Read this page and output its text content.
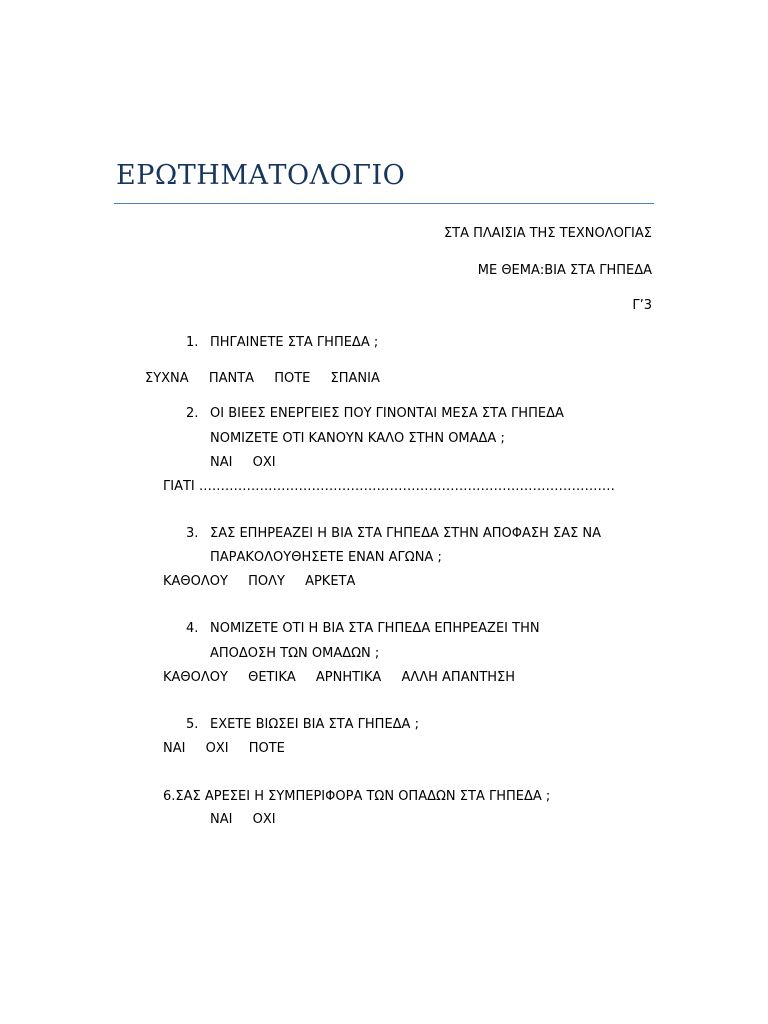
ΕΡΩΤΗΜΑΤΟΛΟΓΙΟ
ΣΤΑ ΠΛΑΙΣΙΑ ΤΗΣ ΤΕΧΝΟΛΟΓΙΑΣ
ΜΕ ΘΕΜΑ:ΒΙΑ ΣΤΑ ΓΗΠΕΔΑ
Γ’3
1. ΠΗΓΑΙΝΕΤΕ ΣΤΑ ΓΗΠΕΔΑ ;
ΣΥΧΝΑ ΠΑΝΤΑ ΠΟΤΕ ΣΠΑΝΙΑ
2. ΟΙ ΒΙΕΕΣ ΕΝΕΡΓΕΙΕΣ ΠΟΥ ΓΙΝΟΝΤΑΙ ΜΕΣΑ ΣΤΑ ΓΗΠΕΔΑ
ΝΟΜΙΖΕΤΕ ΟΤΙ ΚΑΝΟΥΝ ΚΑΛΟ ΣΤΗΝ ΟΜΑΔΑ ;
ΝΑΙ ΟΧΙ
ΓΙΑΤΙ ……………………………………………………………………………………
3. ΣΑΣ ΕΠΗΡΕΑΖΕΙ Η ΒΙΑ ΣΤΑ ΓΗΠΕΔΑ ΣΤΗΝ ΑΠΟΦΑΣΗ ΣΑΣ ΝΑ
ΠΑΡΑΚΟΛΟΥΘΗΣΕΤΕ ΕΝΑΝ ΑΓΩΝΑ ;
ΚΑΘΟΛΟΥ ΠΟΛΥ ΑΡΚΕΤΑ
4. ΝΟΜΙΖΕΤΕ ΟΤΙ Η ΒΙΑ ΣΤΑ ΓΗΠΕΔΑ ΕΠΗΡΕΑΖΕΙ ΤΗΝ
ΑΠΟΔΟΣΗ ΤΩΝ ΟΜΑΔΩΝ ;
ΚΑΘΟΛΟΥ ΘΕΤΙΚΑ ΑΡΝΗΤΙΚΑ ΑΛΛΗ ΑΠΑΝΤΗΣΗ
5. ΕΧΕΤΕ ΒΙΩΣΕΙ ΒΙΑ ΣΤΑ ΓΗΠΕΔΑ ;
ΝΑΙ ΟΧΙ ΠΟΤΕ
6.ΣΑΣ ΑΡΕΣΕΙ Η ΣΥΜΠΕΡΙΦΟΡΑ ΤΩΝ ΟΠΑΔΩΝ ΣΤΑ ΓΗΠΕΔΑ ;
ΝΑΙ ΟΧΙ
